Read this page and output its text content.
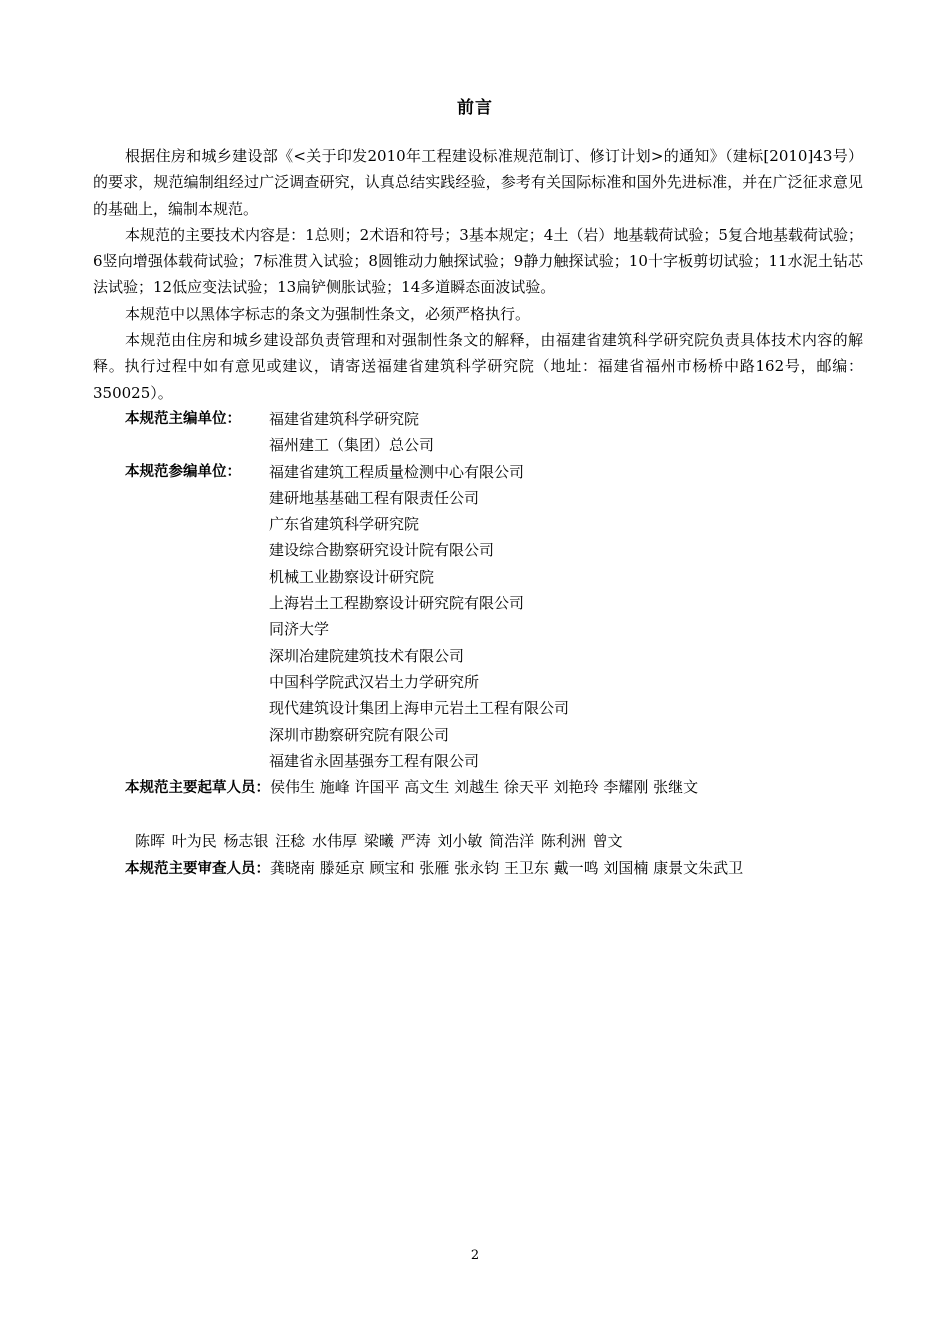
前言

根据住房和城乡建设部《<关于印发2010年工程建设标准规范制订、修订计划>的通知》（建标[2010]43号）的要求，规范编制组经过广泛调查研究，认真总结实践经验，参考有关国际标准和国外先进标准，并在广泛征求意见的基础上，编制本规范。

本规范的主要技术内容是：1总则；2术语和符号；3基本规定；4土（岩）地基载荷试验；5复合地基载荷试验；6竖向增强体载荷试验；7标准贯入试验；8圆锥动力触探试验；9静力触探试验；10十字板剪切试验；11水泥土钻芯法试验；12低应变法试验；13扁铲侧胀试验；14多道瞬态面波试验。

本规范中以黑体字标志的条文为强制性条文，必须严格执行。

本规范由住房和城乡建设部负责管理和对强制性条文的解释，由福建省建筑科学研究院负责具体技术内容的解释。执行过程中如有意见或建议，请寄送福建省建筑科学研究院（地址：福建省福州市杨桥中路162号，邮编：350025）。

本规范主编单位：	福建省建筑科学研究院

福州建工（集团）总公司

本规范参编单位：	福建省建筑工程质量检测中心有限公司

建研地基基础工程有限责任公司
广东省建筑科学研究院
建设综合勘察研究设计院有限公司
机械工业勘察设计研究院
上海岩土工程勘察设计研究院有限公司
同济大学
深圳冶建院建筑技术有限公司
中国科学院武汉岩土力学研究所
现代建筑设计集团上海申元岩土工程有限公司
深圳市勘察研究院有限公司
福建省永固基强夯工程有限公司

本规范主要起草人员：侯伟生 施峰 许国平 高文生 刘越生 徐天平 刘艳玲 李耀刚 张继文

陈晖 叶为民 杨志银 汪稔 水伟厚 梁曦 严涛 刘小敏 简浩洋 陈利洲 曾文

本规范主要审查人员：龚晓南 滕延京 顾宝和 张雁 张永钧 王卫东 戴一鸣 刘国楠 康景文朱武卫

2
